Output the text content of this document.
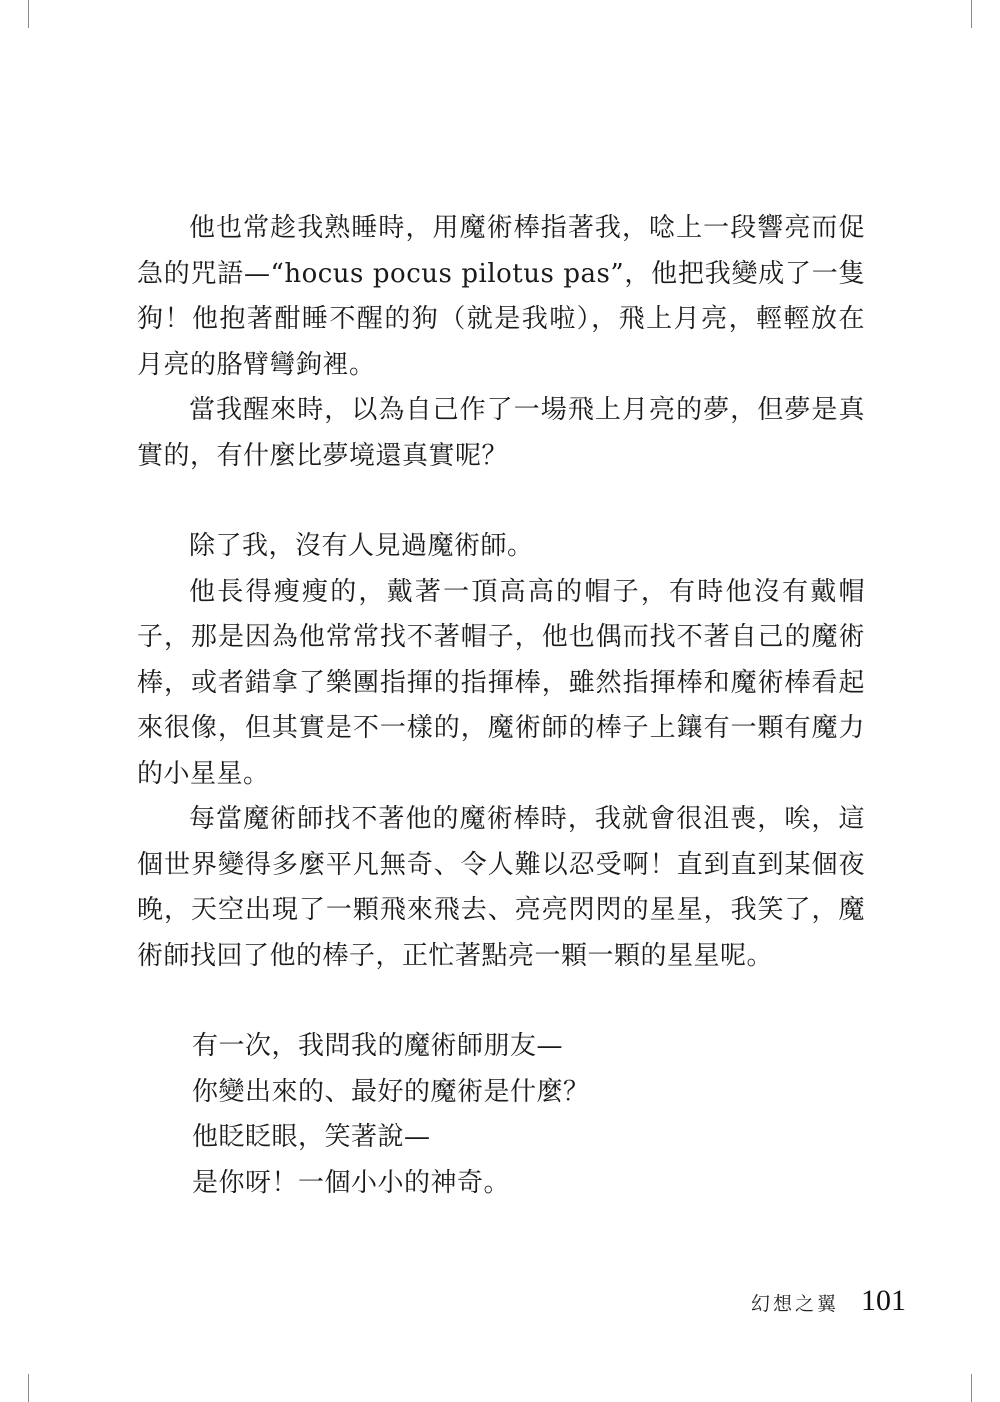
他也常趁我熟睡時，用魔術棒指著我，唸上一段響亮而促急的咒語—“hocus pocus pilotus pas”，他把我變成了一隻狗！他抱著酣睡不醒的狗（就是我啦），飛上月亮，輕輕放在月亮的胳臂彎鉤裡。

當我醒來時，以為自己作了一場飛上月亮的夢，但夢是真實的，有什麼比夢境還真實呢？

除了我，沒有人見過魔術師。

他長得瘦瘦的，戴著一頂高高的帽子，有時他沒有戴帽子，那是因為他常常找不著帽子，他也偶而找不著自己的魔術棒，或者錯拿了樂團指揮的指揮棒，雖然指揮棒和魔術棒看起來很像，但其實是不一樣的，魔術師的棒子上鑲有一顆有魔力的小星星。

每當魔術師找不著他的魔術棒時，我就會很沮喪，唉，這個世界變得多麼平凡無奇、令人難以忍受啊！直到直到某個夜晚，天空出現了一顆飛來飛去、亮亮閃閃的星星，我笑了，魔術師找回了他的棒子，正忙著點亮一顆一顆的星星呢。

有一次，我問我的魔術師朋友—

你變出來的、最好的魔術是什麼？

他眨眨眼，笑著說—

是你呀！一個小小的神奇。

幻想之翼 101
